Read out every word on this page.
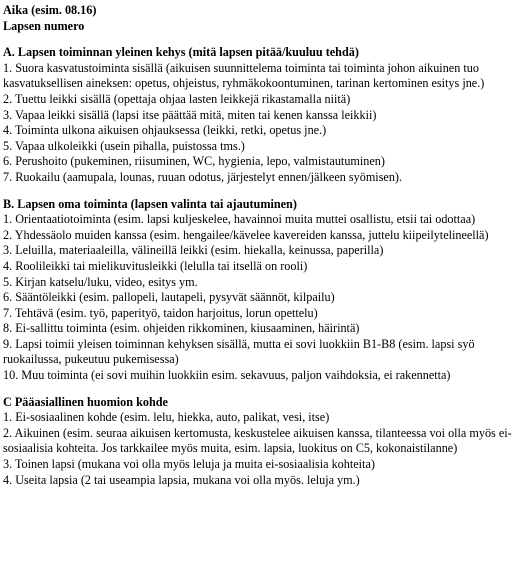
Aika (esim. 08.16)

Lapsen numero

A. Lapsen toiminnan yleinen kehys (mitä lapsen pitää/kuuluu tehdä)

1. Suora kasvatustoiminta sisällä (aikuisen suunnittelema toiminta tai toiminta johon aikuinen tuo kasvatuksellisen aineksen: opetus, ohjeistus, ryhmäkokoontuminen, tarinan kertominen esitys jne.)

2. Tuettu leikki sisällä (opettaja ohjaa lasten leikkejä rikastamalla niitä)

3. Vapaa leikki sisällä (lapsi itse päättää mitä, miten tai kenen kanssa leikkii)

4. Toiminta ulkona aikuisen ohjauksessa (leikki, retki, opetus jne.)

5. Vapaa ulkoleikki (usein pihalla, puistossa tms.)

6. Perushoito (pukeminen, riisuminen, WC, hygienia, lepo, valmistautuminen)

7. Ruokailu (aamupala, lounas, ruuan odotus, järjestelyt ennen/jälkeen syömisen).

B. Lapsen oma toiminta (lapsen valinta tai ajautuminen)

1. Orientaatiotoiminta (esim. lapsi kuljeskelee, havainnoi muita muttei osallistu, etsii tai odottaa)

2. Yhdessäolo muiden kanssa (esim. hengailee/kävelee kavereiden kanssa, juttelu kiipeilytelineellä)

3. Leluilla, materiaaleilla, välineillä leikki (esim. hiekalla, keinussa, paperilla)

4. Roolileikki tai mielikuvitusleikki (lelulla tai itsellä on rooli)

5. Kirjan katselu/luku, video, esitys ym.

6. Sääntöleikki (esim. pallopeli, lautapeli, pysyvät säännöt, kilpailu)

7. Tehtävä (esim. työ, paperityö, taidon harjoitus, lorun opettelu)

8. Ei-sallittu toiminta (esim. ohjeiden rikkominen, kiusaaminen, häirintä)

9. Lapsi toimii yleisen toiminnan kehyksen sisällä, mutta ei sovi luokkiin B1-B8 (esim. lapsi syö ruokailussa, pukeutuu pukemisessa)

10. Muu toiminta (ei sovi muihin luokkiin esim. sekavuus, paljon vaihdoksia, ei rakennetta)

C Pääasiallinen huomion kohde

1. Ei-sosiaalinen kohde (esim. lelu, hiekka, auto, palikat, vesi, itse)

2. Aikuinen (esim. seuraa aikuisen kertomusta, keskustelee aikuisen kanssa, tilanteessa voi olla myös ei-sosiaalisia kohteita. Jos tarkkailee myös muita, esim. lapsia, luokitus on C5, kokonaistilanne)

3. Toinen lapsi (mukana voi olla myös leluja ja muita ei-sosiaalisia kohteita)

4. Useita lapsia (2 tai useampia lapsia, mukana voi olla myös. leluja ym.)
